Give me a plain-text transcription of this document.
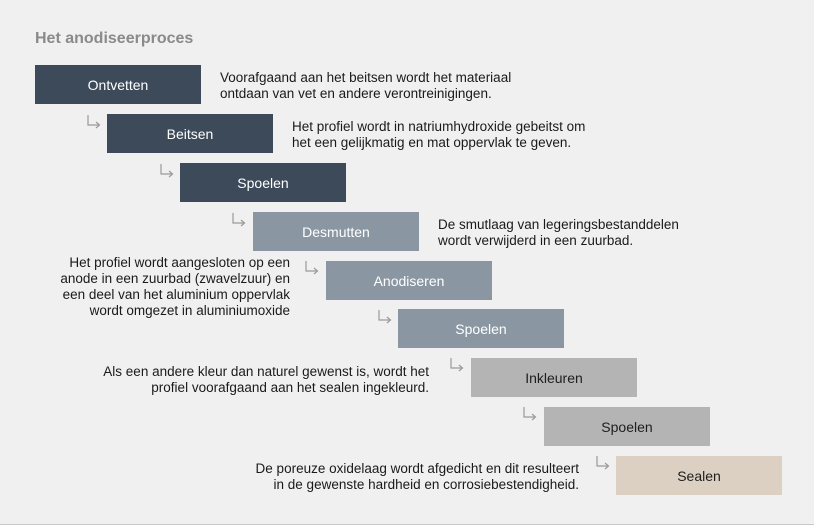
Het anodiseerproces
Ontvetten
Beitsen
Spoelen
Desmutten
Anodiseren
Spoelen
Inkleuren
Spoelen
Sealen
Voorafgaand aan het beitsen wordt het materiaal
ontdaan van vet en andere verontreinigingen.
Het profiel wordt in natriumhydroxide gebeitst om
het een gelijkmatig en mat oppervlak te geven.
De smutlaag van legeringsbestanddelen
wordt verwijderd in een zuurbad.
Het profiel wordt aangesloten op een
anode in een zuurbad (zwavelzuur) en
een deel van het aluminium oppervlak
wordt omgezet in aluminiumoxide
Als een andere kleur dan naturel gewenst is, wordt het
profiel voorafgaand aan het sealen ingekleurd.
De poreuze oxidelaag wordt afgedicht en dit resulteert
in de gewenste hardheid en corrosiebestendigheid.
